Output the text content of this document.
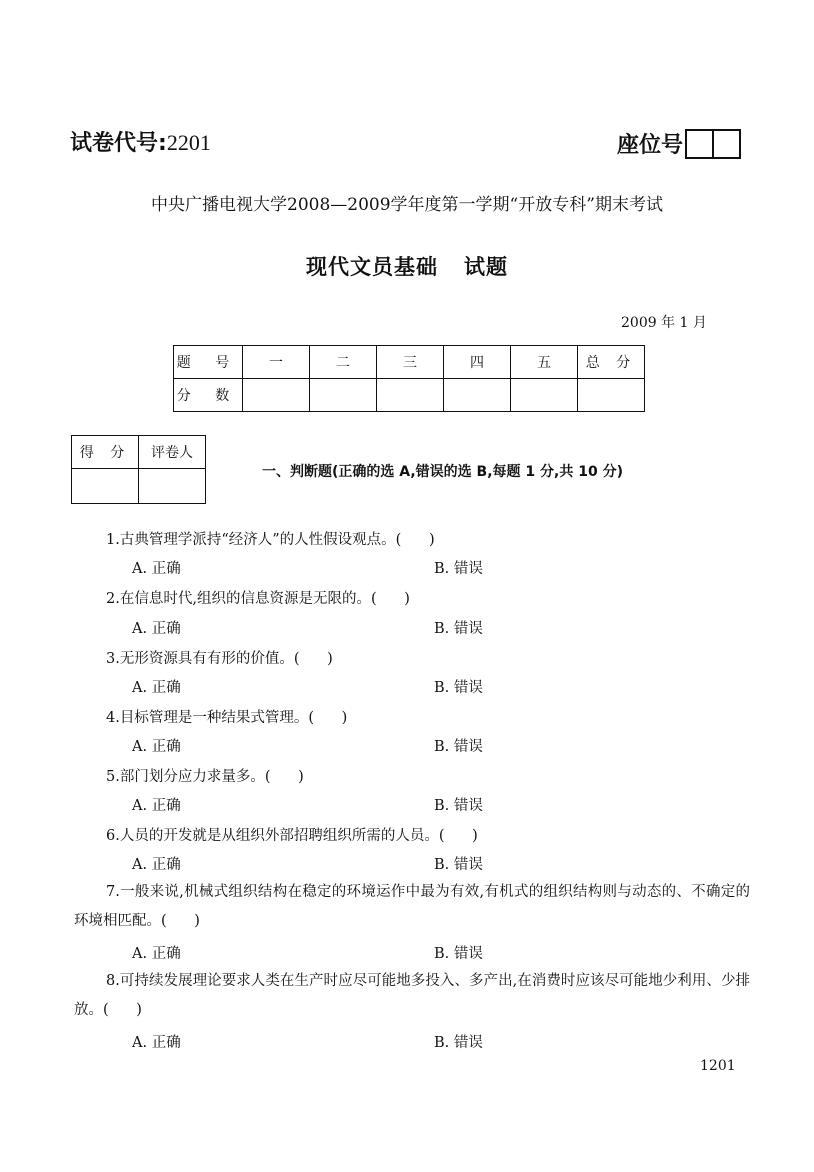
试卷代号:2201	座位号
中央广播电视大学2008—2009学年度第一学期“开放专科”期末考试
现代文员基础 试题
2009 年 1 月
题 号	一	二	三	四	五	总 分
分 数						
得 分	评卷人

一、判断题(正确的选 A,错误的选 B,每题 1 分,共 10 分)
1.古典管理学派持“经济人”的人性假设观点。(      )
A. 正确	B. 错误
2.在信息时代,组织的信息资源是无限的。(      )
A. 正确	B. 错误
3.无形资源具有有形的价值。(      )
A. 正确	B. 错误
4.目标管理是一种结果式管理。(      )
A. 正确	B. 错误
5.部门划分应力求量多。(      )
A. 正确	B. 错误
6.人员的开发就是从组织外部招聘组织所需的人员。(      )
A. 正确	B. 错误
7.一般来说,机械式组织结构在稳定的环境运作中最为有效,有机式的组织结构则与动态的、不确定的环境相匹配。(      )
A. 正确	B. 错误
8.可持续发展理论要求人类在生产时应尽可能地多投入、多产出,在消费时应该尽可能地少利用、少排放。(      )
A. 正确	B. 错误
1201
